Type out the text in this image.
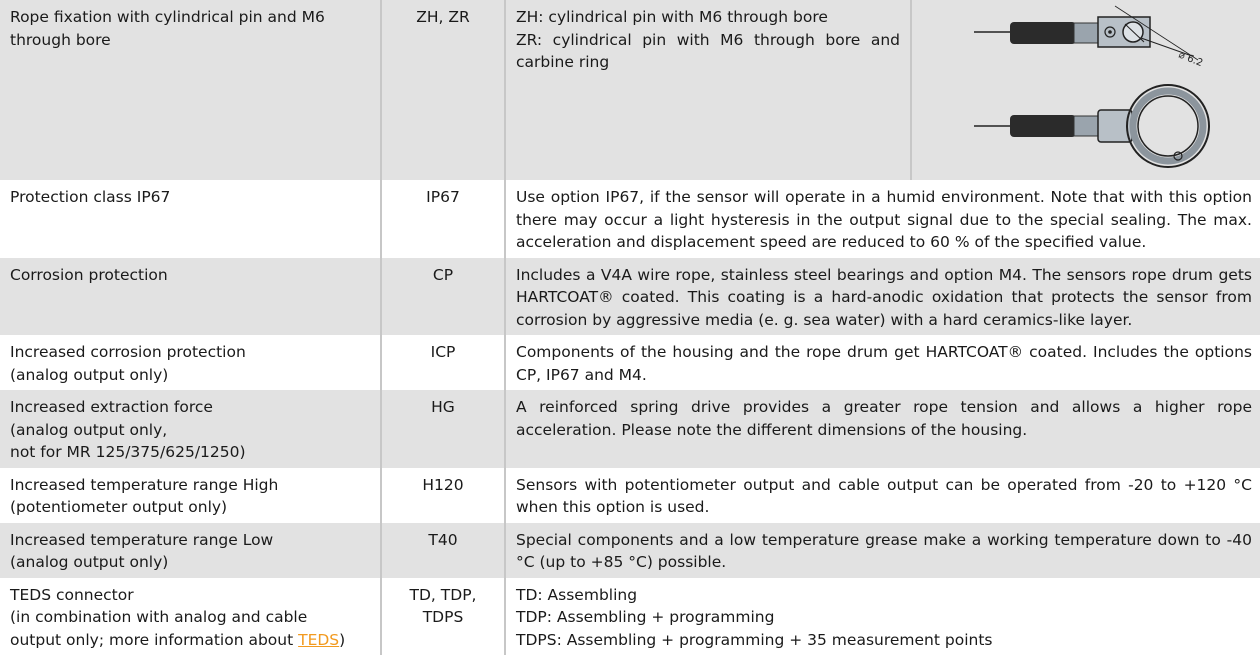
Rope fixation with cylindrical pin and M6
through bore	ZH, ZR	ZH: cylindrical pin with M6 through bore
ZR: cylindrical pin with M6 through bore and carbine ring	⌀ 6.2

Protection class IP67	IP67	Use option IP67, if the sensor will operate in a humid environment. Note that with this option there may occur a light hysteresis in the output signal due to the special sealing. The max. acceleration and displacement speed are reduced to 60 % of the specified value.	

Corrosion protection	CP	Includes a V4A wire rope, stainless steel bearings and option M4. The sensors rope drum gets HARTCOAT® coated. This coating is a hard-anodic oxidation that protects the sensor from corrosion by aggressive media (e. g. sea water) with a hard ceramics-like layer.	

Increased corrosion protection
(analog output only)	ICP	Components of the housing and the rope drum get HARTCOAT® coated. Includes the options CP, IP67 and M4.	

Increased extraction force
(analog output only,
not for MR 125/375/625/1250)	HG	A reinforced spring drive provides a greater rope tension and allows a higher rope acceleration. Please note the different dimensions of the housing.	

Increased temperature range High
(potentiometer output only)	H120	Sensors with potentiometer output and cable output can be operated from -20 to +120 °C when this option is used.	

Increased temperature range Low
(analog output only)	T40	Special components and a low temperature grease make a working temperature down to -40 °C (up to +85 °C) possible.	

TEDS connector
(in combination with analog and cable
output only; more information about TEDS)	TD, TDP,
TDPS	TD: Assembling
TDP: Assembling + programming
TDPS: Assembling + programming + 35 measurement points	
